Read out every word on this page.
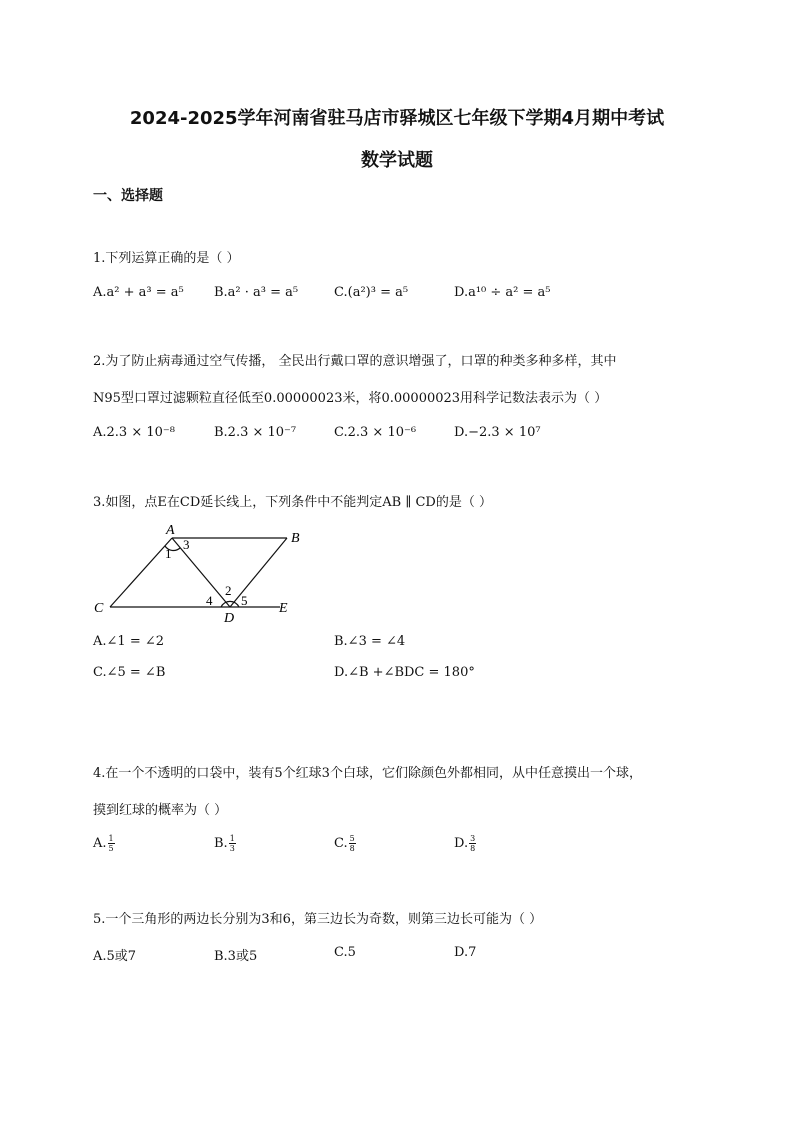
2024-2025学年河南省驻马店市驿城区七年级下学期4月期中考试
数学试题
一、选择题
1.下列运算正确的是（ ）
A.a² + a³ = a⁵ B.a² · a³ = a⁵	C.(a²)³ = a⁵	D.a¹⁰ ÷ a² = a⁵
2.为了防止病毒通过空气传播， 全民出行戴口罩的意识增强了，口罩的种类多种多样，其中
N95型口罩过滤颗粒直径低至0.00000023米，将0.00000023用科学记数法表示为（ ）
A.2.3 × 10⁻⁸	B.2.3 × 10⁻⁷	C.2.3 × 10⁻⁶	D.−2.3 × 10⁷
3.如图，点E在CD延长线上，下列条件中不能判定AB ∥ CD的是（ ）
A
B
C
D
E
1
3
2
4 5
A.∠1 = ∠2	B.∠3 = ∠4
C.∠5 = ∠B	D.∠B +∠BDC = 180°
4.在一个不透明的口袋中，装有5个红球3个白球，它们除颜色外都相同，从中任意摸出一个球，
摸到红球的概率为（ ）
A. $\frac{1}{5}$	B. $\frac{1}{3}$	C. $\frac{5}{8}$	D. $\frac{3}{8}$
5.一个三角形的两边长分别为3和6，第三边长为奇数，则第三边长可能为（ ）
A.5或7	B.3或5	C.5	D.7
